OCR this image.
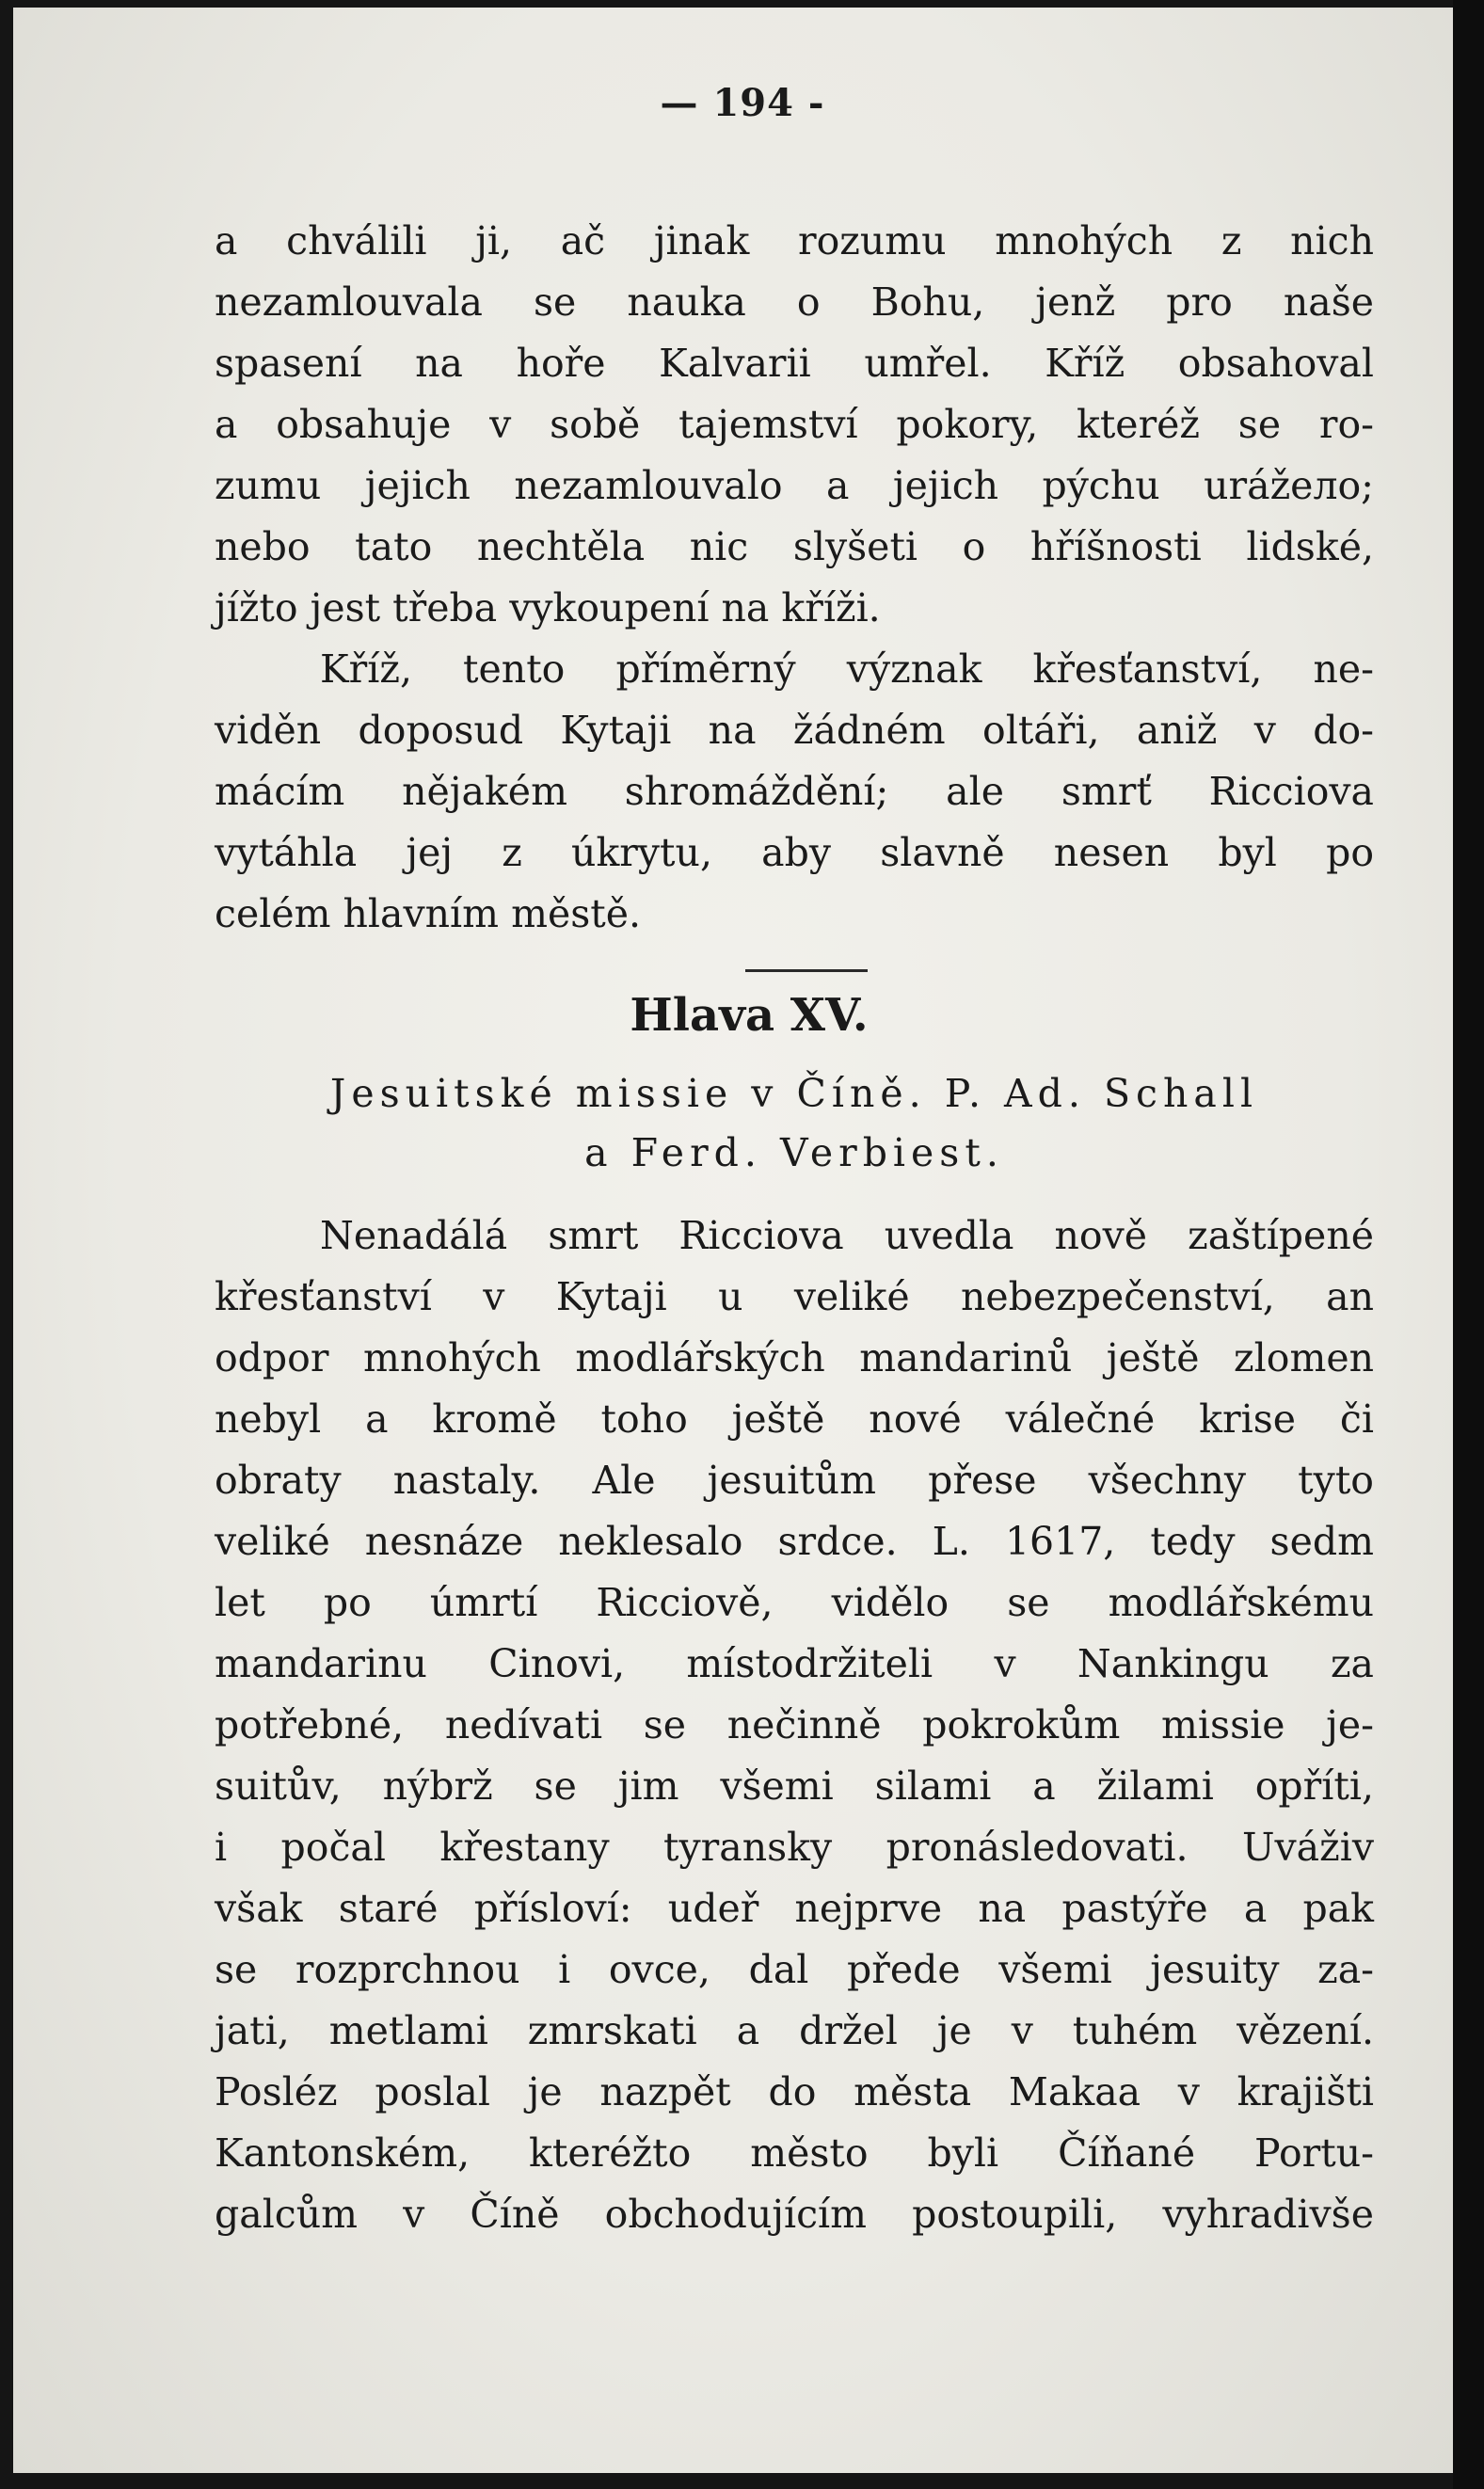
— 194 -
a chválili ji, ač jinak rozumu mnohých z nich
nezamlouvala se nauka o Bohu, jenž pro naše
spasení na hoře Kalvarii umřel. Kříž obsahoval
a obsahuje v sobě tajemství pokory, kteréž se ro-
zumu jejich nezamlouvalo a jejich pýchu urážело;
nebo tato nechtěla nic slyšeti o hříšnosti lidské,
jížto jest třeba vykoupení na kříži.
Kříž, tento příměrný význak křesťanství, ne-
viděn doposud Kytaji na žádném oltáři, aniž v do-
mácím nějakém shromáždění; ale smrť Ricciova
vytáhla jej z úkrytu, aby slavně nesen byl po
celém hlavním městě.
Hlava XV.
Jesuitské missie v Číně. P. Ad. Schall
a Ferd. Verbiest.
Nenadálá smrt Ricciova uvedla nově zaštípené
křesťanství v Kytaji u veliké nebezpečenství, an
odpor mnohých modlářských mandarinů ještě zlomen
nebyl a kromě toho ještě nové válečné krise či
obraty nastaly. Ale jesuitům přese všechny tyto
veliké nesnáze neklesalo srdce. L. 1617, tedy sedm
let po úmrtí Ricciově, vidělo se modlářskému
mandarinu Cinovi, místodržiteli v Nankingu za
potřebné, nedívati se nečinně pokrokům missie je-
suitův, nýbrž se jim všemi silami a žilami opříti,
i počal křestany tyransky pronásledovati. Uváživ
však staré přísloví: udeř nejprve na pastýře a pak
se rozprchnou i ovce, dal přede všemi jesuity za-
jati, metlami zmrskati a držel je v tuhém vězení.
Posléz poslal je nazpět do města Makaa v krajišti
Kantonském, kteréžto město byli Číňané Portu-
galcům v Číně obchodujícím postoupili, vyhradivše
